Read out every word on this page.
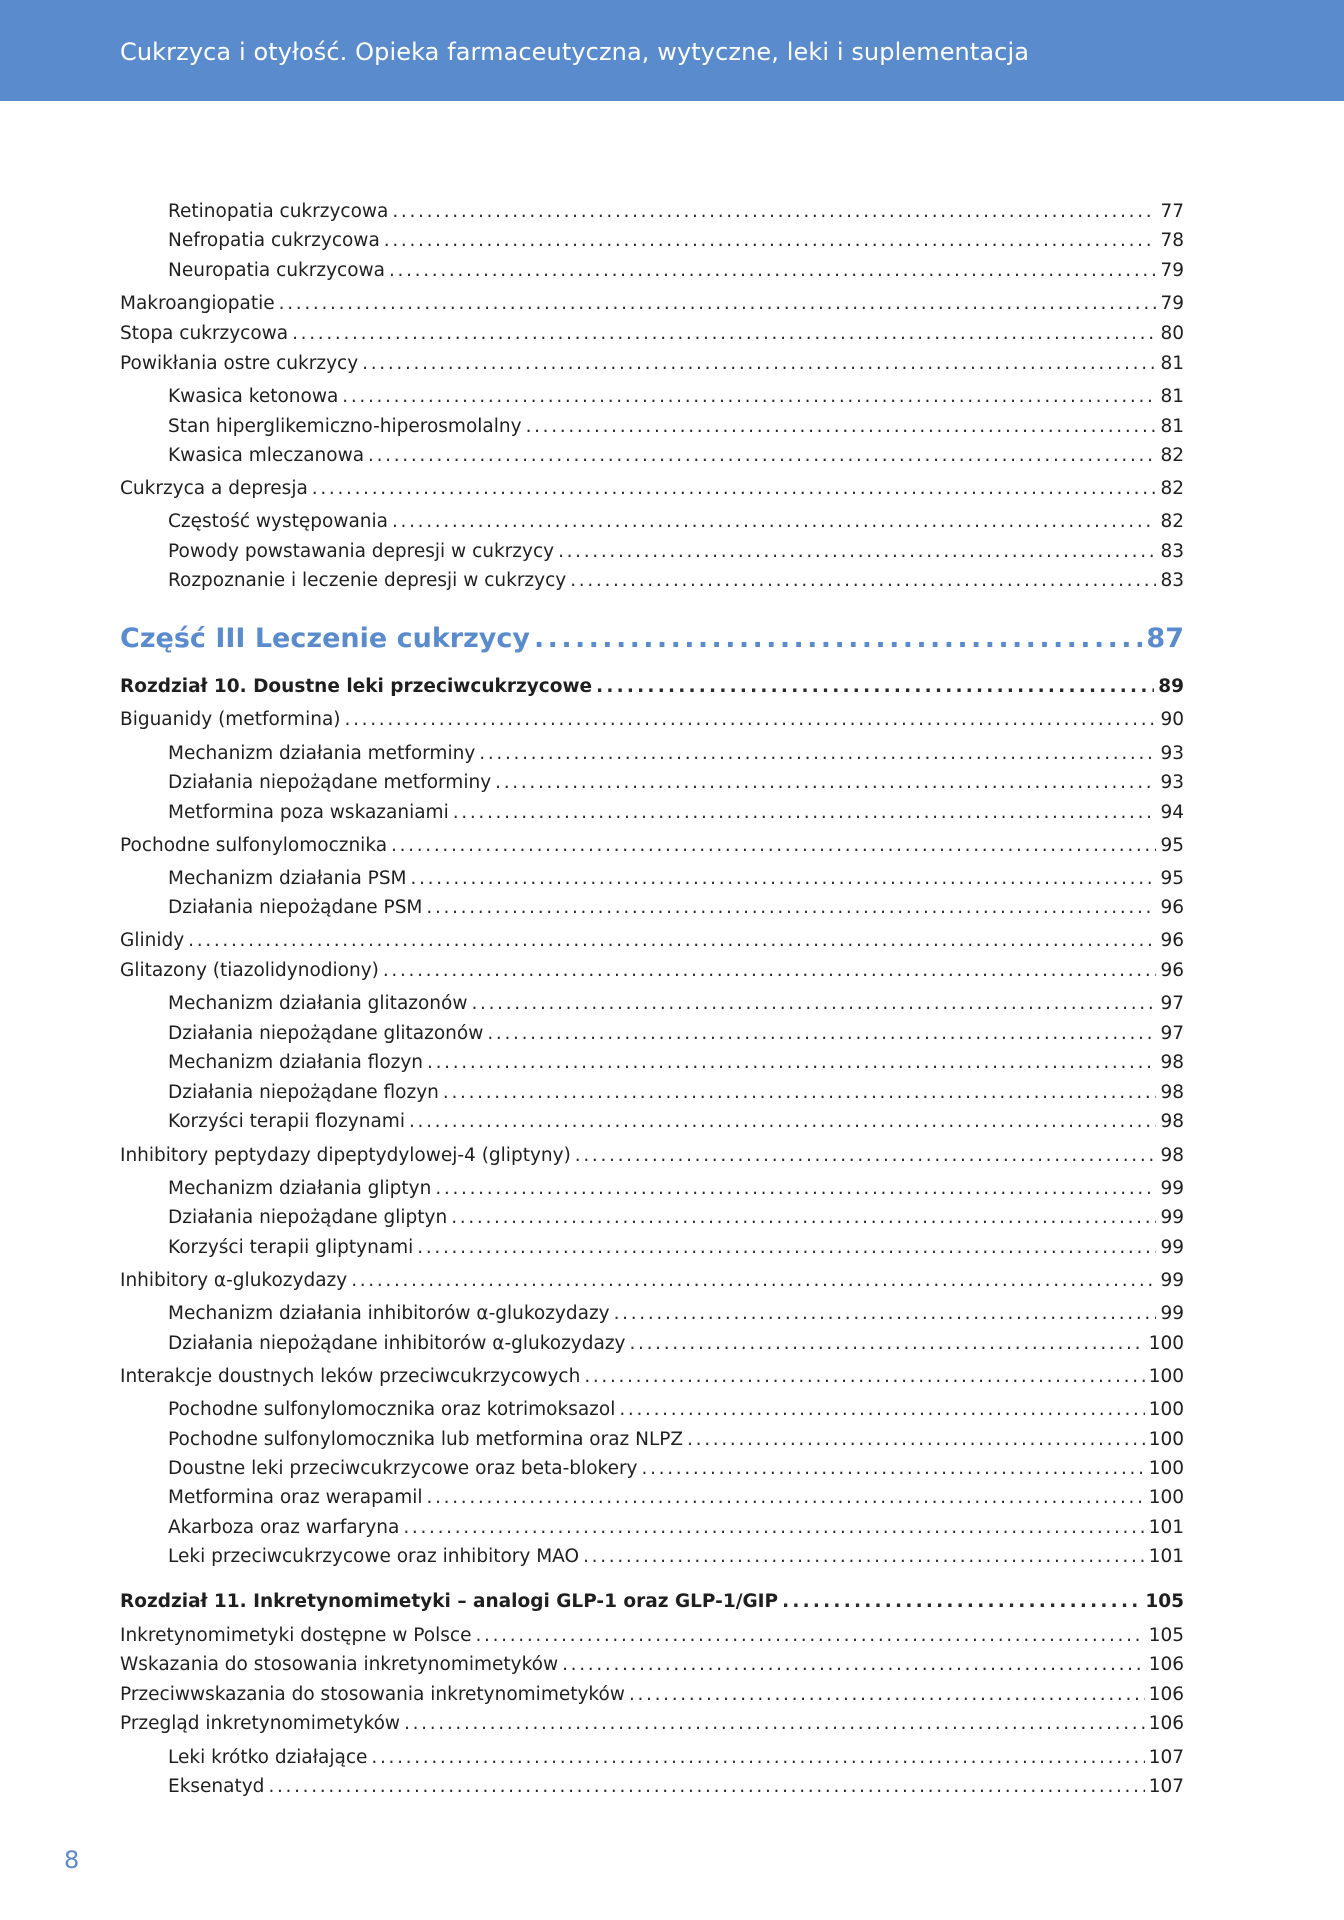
Cukrzyca i otyłość. Opieka farmaceutyczna, wytyczne, leki i suplementacja
Retinopatia cukrzycowa . . .	77
Nefropatia cukrzycowa . . .	78
Neuropatia cukrzycowa . . .	79
Makroangiopatie . . .	79
Stopa cukrzycowa . . .	80
Powikłania ostre cukrzycy . . .	81
Kwasica ketonowa . . .	81
Stan hiperglikemiczno-hiperosmolalny . . .	81
Kwasica mleczanowa . . .	82
Cukrzyca a depresja . . .	82
Częstość występowania . . .	82
Powody powstawania depresji w cukrzycy . . .	83
Rozpoznanie i leczenie depresji w cukrzycy . . .	83
Część III Leczenie cukrzycy . . .	87
Rozdział 10. Doustne leki przeciwcukrzycowe . . .	89
Biguanidy (metformina) . . .	90
Mechanizm działania metforminy . . .	93
Działania niepożądane metforminy . . .	93
Metformina poza wskazaniami . . .	94
Pochodne sulfonylomocznika . . .	95
Mechanizm działania PSM . . .	95
Działania niepożądane PSM . . .	96
Glinidy . . .	96
Glitazony (tiazolidynodiony) . . .	96
Mechanizm działania glitazonów . . .	97
Działania niepożądane glitazonów . . .	97
Mechanizm działania flozyn . . .	98
Działania niepożądane flozyn . . .	98
Korzyści terapii flozynami . . .	98
Inhibitory peptydazy dipeptydylowej-4 (gliptyny) . . .	98
Mechanizm działania gliptyn . . .	99
Działania niepożądane gliptyn . . .	99
Korzyści terapii gliptynami . . .	99
Inhibitory α-glukozydazy . . .	99
Mechanizm działania inhibitorów α-glukozydazy . . .	99
Działania niepożądane inhibitorów α-glukozydazy . . .	100
Interakcje doustnych leków przeciwcukrzycowych . . .	100
Pochodne sulfonylomocznika oraz kotrimoksazol . . .	100
Pochodne sulfonylomocznika lub metformina oraz NLPZ . . .	100
Doustne leki przeciwcukrzycowe oraz beta-blokery . . .	100
Metformina oraz werapamil . . .	100
Akarboza oraz warfaryna . . .	101
Leki przeciwcukrzycowe oraz inhibitory MAO . . .	101
Rozdział 11. Inkretynomimetyki – analogi GLP-1 oraz GLP-1/GIP . . .	105
Inkretynomimetyki dostępne w Polsce . . .	105
Wskazania do stosowania inkretynomimetyków . . .	106
Przeciwwskazania do stosowania inkretynomimetyków . . .	106
Przegląd inkretynomimetyków . . .	106
Leki krótko działające . . .	107
Eksenatyd . . .	107
8
